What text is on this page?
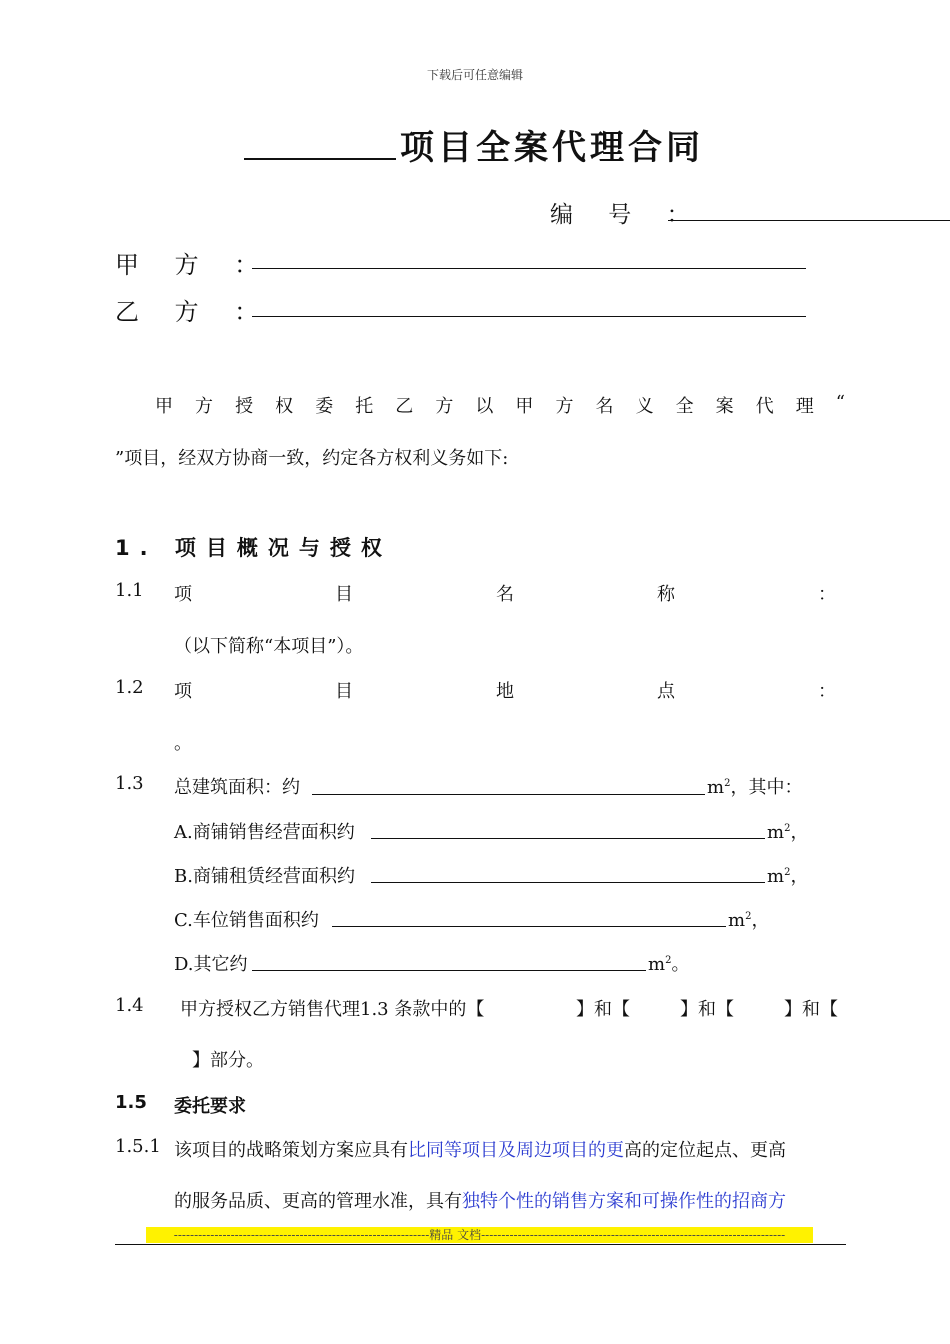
下载后可任意编辑
项目全案代理合同
编 号 ：
甲 方 ：
乙 方 ：
甲 方 授 权 委 托 乙 方 以 甲 方 名 义 全 案 代 理 “
”项目，经双方协商一致，约定各方权利义务如下:
1. 项目概况与授权
1.1 项	目	名	称	：
（以下简称“本项目”）。
1.2 项	目	地	点	：
。
1.3 总建筑面积：约	$m^2$，其中：
A.商铺销售经营面积约	$m^2$，
B.商铺租赁经营面积约	$m^2$，
C.车位销售面积约	$m^2$，
D.其它约	$m^2$。
1.4 甲方授权乙方销售代理1.3 条款中的【	】和【	】和【	】和【
】部分。
1.5 委托要求
1.5.1 该项目的战略策划方案应具有比同等项目及周边项目的更高的定位起点、更高
的服务品质、更高的管理水准，具有独特个性的销售方案和可操作性的招商方
---------------------------------------------------------------精品 文档---------------------------------------------------------------------------
